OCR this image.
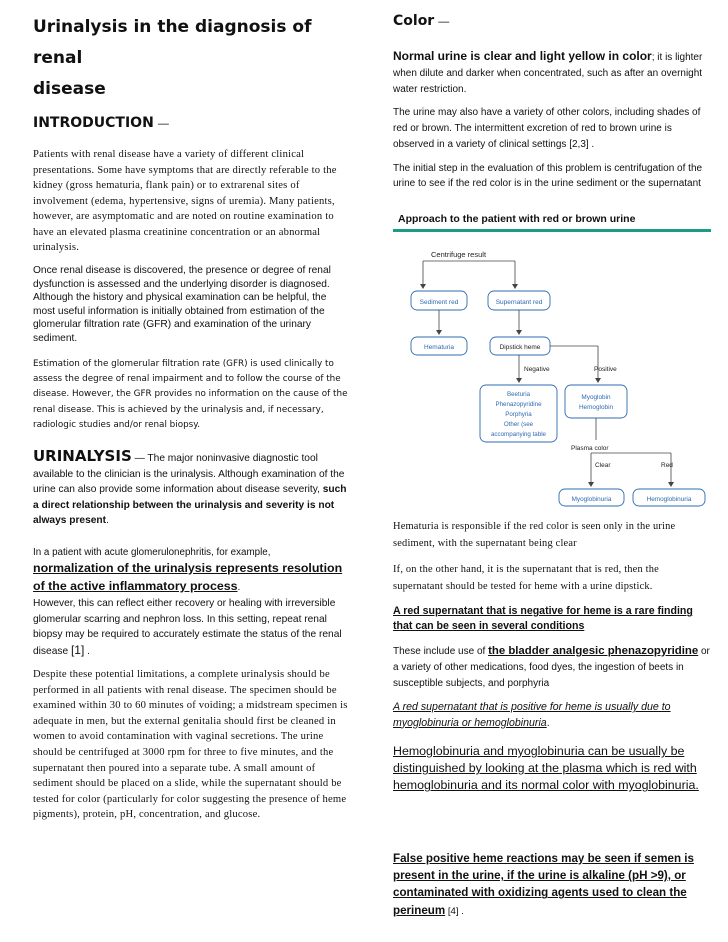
Urinalysis in the diagnosis of renal
disease
INTRODUCTION —

Patients with renal disease have a variety of different clinical presentations. Some have symptoms that are directly referable to the kidney (gross hematuria, flank pain) or to extrarenal sites of involvement (edema, hypertensive, signs of uremia). Many patients, however, are asymptomatic and are noted on routine examination to have an elevated plasma creatinine concentration or an abnormal urinalysis.

Once renal disease is discovered, the presence or degree of renal dysfunction is assessed and the underlying disorder is diagnosed. Although the history and physical examination can be helpful, the most useful information is initially obtained from estimation of the glomerular filtration rate (GFR) and examination of the urinary sediment.

Estimation of the glomerular filtration rate (GFR) is used clinically to assess the degree of renal impairment and to follow the course of the disease. However, the GFR provides no information on the cause of the renal disease. This is achieved by the urinalysis and, if necessary, radiologic studies and/or renal biopsy.

URINALYSIS — The major noninvasive diagnostic tool available to the clinician is the urinalysis. Although examination of the urine can also provide some information about disease severity, such a direct relationship between the urinalysis and severity is not always present.

In a patient with acute glomerulonephritis, for example,

normalization of the urinalysis represents resolution of the active inflammatory process

.

However, this can reflect either recovery or healing with irreversible glomerular scarring and nephron loss. In this setting, repeat renal biopsy may be required to accurately estimate the status of the renal disease [1] .

Despite these potential limitations, a complete urinalysis should be performed in all patients with renal disease. The specimen should be examined within 30 to 60 minutes of voiding; a midstream specimen is adequate in men, but the external genitalia should first be cleaned in women to avoid contamination with vaginal secretions. The urine should be centrifuged at 3000 rpm for three to five minutes, and the supernatant then poured into a separate tube. A small amount of sediment should be placed on a slide, while the supernatant should be tested for color (particularly for color suggesting the presence of heme pigments), protein, pH, concentration, and glucose.

Color —

Normal urine is clear and light yellow in color; it is lighter when dilute and darker when concentrated, such as after an overnight water restriction.

The urine may also have a variety of other colors, including shades of red or brown. The intermittent excretion of red to brown urine is observed in a variety of clinical settings [2,3] .

The initial step in the evaluation of this problem is centrifugation of the urine to see if the red color is in the urine sediment or the supernatant

Approach to the patient with red or brown urine
Centrifuge result
Sediment red	Supernatant red
Hematuria	Dipstick heme
Negative	Positive
Beeturia
Phenazopyridine
Porphyria
Other (see
accompanying table
Myoglobin
Hemoglobin
Plasma color
Clear	Red
Myoglobinuria	Hemoglobinuria

Hematuria is responsible if the red color is seen only in the urine sediment, with the supernatant being clear

If, on the other hand, it is the supernatant that is red, then the supernatant should be tested for heme with a urine dipstick.

A red supernatant that is negative for heme is a rare finding that can be seen in several conditions

These include use of the bladder analgesic phenazopyridine or a variety of other medications, food dyes, the ingestion of beets in susceptible subjects, and porphyria

A red supernatant that is positive for heme is usually due to myoglobinuria or hemoglobinuria.

Hemoglobinuria and myoglobinuria can be usually be distinguished by looking at the plasma which is red with hemoglobinuria and its normal color with myoglobinuria.

False positive heme reactions may be seen if semen is present in the urine, if the urine is alkaline (pH >9), or contaminated with oxidizing agents used to clean the perineum [4] .
